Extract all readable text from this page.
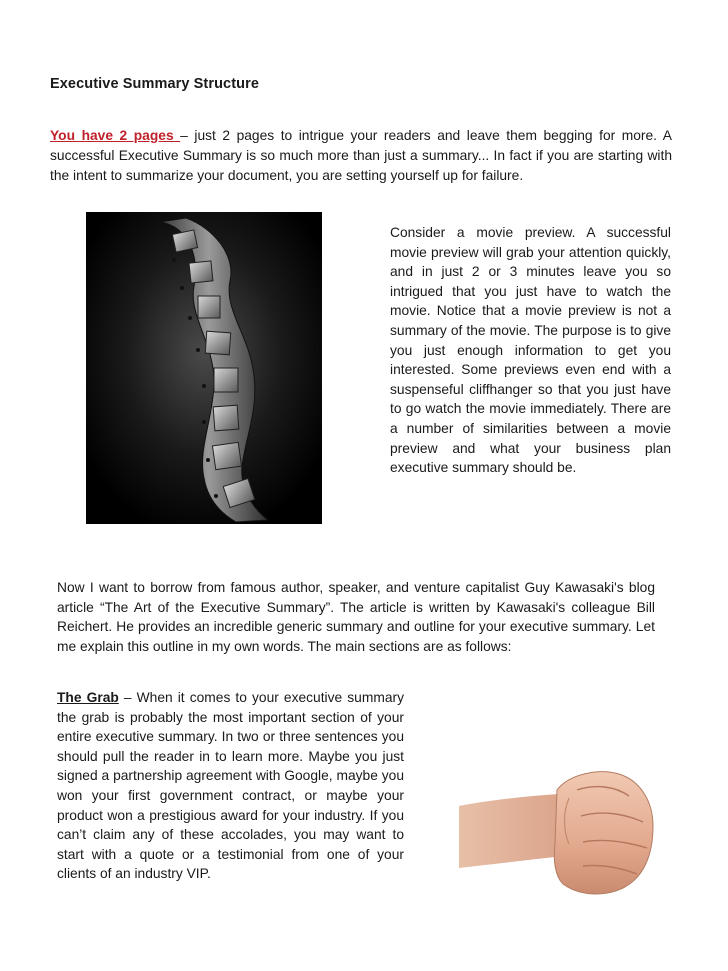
Executive Summary Structure
You have 2 pages – just 2 pages to intrigue your readers and leave them begging for more. A successful Executive Summary is so much more than just a summary... In fact if you are starting with the intent to summarize your document, you are setting yourself up for failure.
Consider a movie preview. A successful movie preview will grab your attention quickly, and in just 2 or 3 minutes leave you so intrigued that you just have to watch the movie. Notice that a movie preview is not a summary of the movie. The purpose is to give you just enough information to get you interested. Some previews even end with a suspenseful cliffhanger so that you just have to go watch the movie immediately. There are a number of similarities between a movie preview and what your business plan executive summary should be.
Now I want to borrow from famous author, speaker, and venture capitalist Guy Kawasaki's blog article “The Art of the Executive Summary”. The article is written by Kawasaki's colleague Bill Reichert. He provides an incredible generic summary and outline for your executive summary. Let me explain this outline in my own words. The main sections are as follows:
The Grab – When it comes to your executive summary the grab is probably the most important section of your entire executive summary. In two or three sentences you should pull the reader in to learn more. Maybe you just signed a partnership agreement with Google, maybe you won your first government contract, or maybe your product won a prestigious award for your industry. If you can’t claim any of these accolades, you may want to start with a quote or a testimonial from one of your clients of an industry VIP.
